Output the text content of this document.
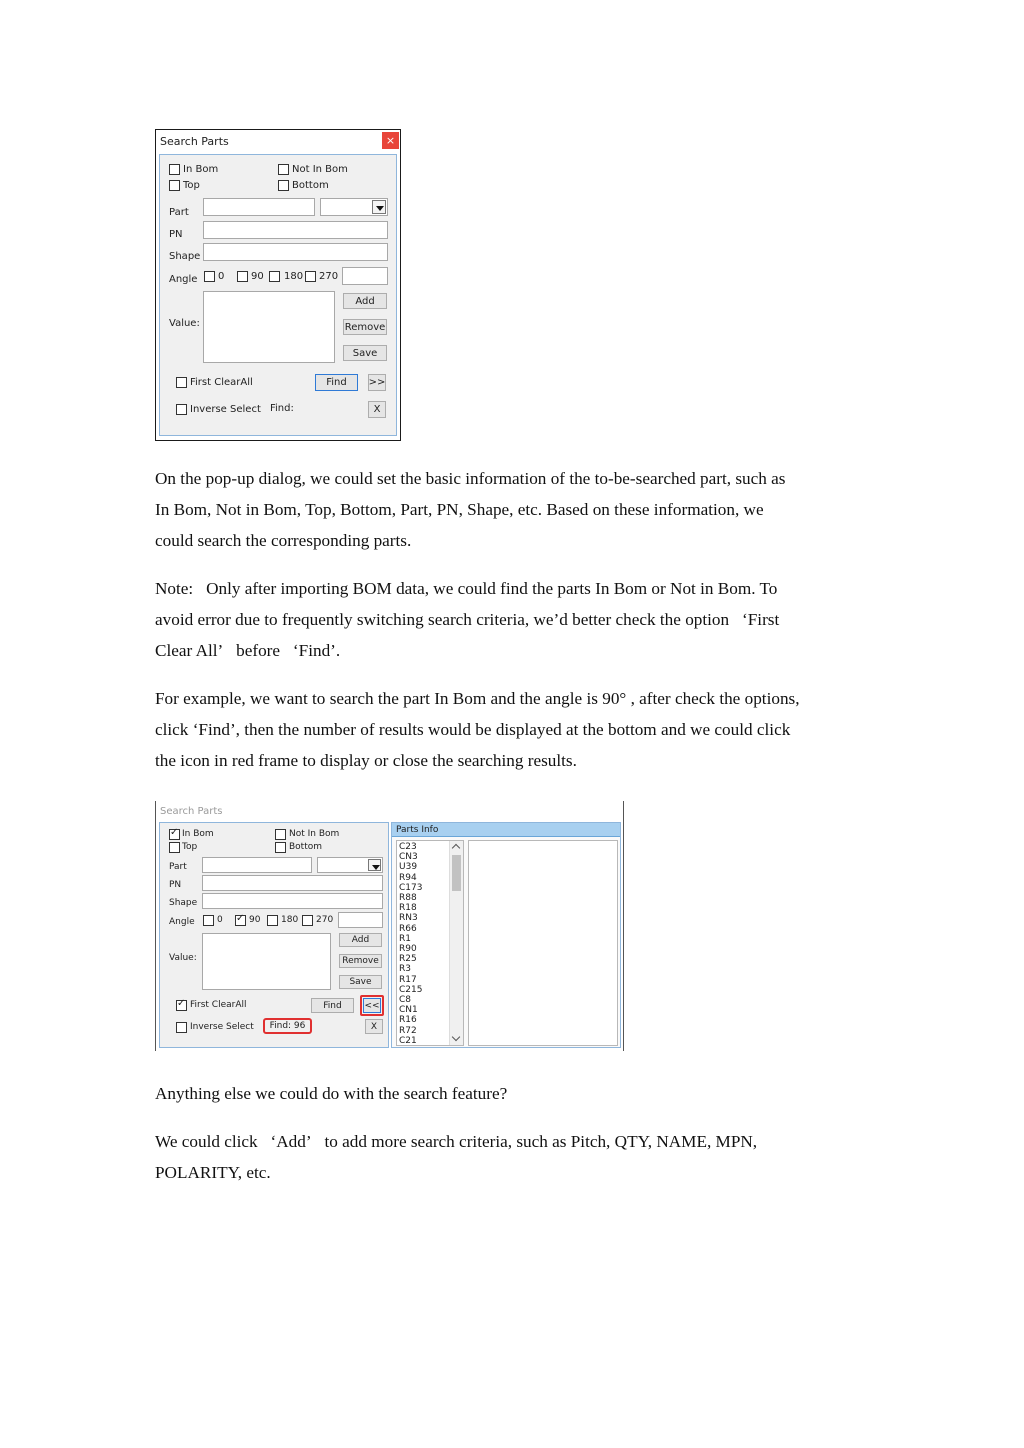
Search Parts	×
In Bom	Not In Bom
Top	Bottom
Part
PN
Shape
Angle 0	90 180 270
Value:
Add
Remove
Save
First ClearAll	Find	>>
Inverse Select Find:	X
On the pop-up dialog, we could set the basic information of the to-be-searched part, such as
In Bom, Not in Bom, Top, Bottom, Part, PN, Shape, etc. Based on these information, we
could search the corresponding parts.
Note:   Only after importing BOM data, we could find the parts In Bom or Not in Bom. To
avoid error due to frequently switching search criteria, we’d better check the option   ‘First
Clear All’   before   ‘Find’.
For example, we want to search the part In Bom and the angle is 90° , after check the options,
click ‘Find’, then the number of results would be displayed at the bottom and we could click
the icon in red frame to display or close the searching results.
Search Parts
✓
In Bom	Not In Bom
Top	Bottom
Part
PN
Shape
Angle 0
✓	90 180 270
Value:
Add
Remove
Save
✓
First ClearAll	Find	<<
Inverse Select Find: 96	X
Parts Info
C23
CN3
U39
R94
C173
R88
R18
RN3
R66
R1
R90
R25
R3
R17
C215
C8
CN1
R16
R72
C21
Anything else we could do with the search feature?
We could click   ‘Add’   to add more search criteria, such as Pitch, QTY, NAME, MPN,
POLARITY, etc.
